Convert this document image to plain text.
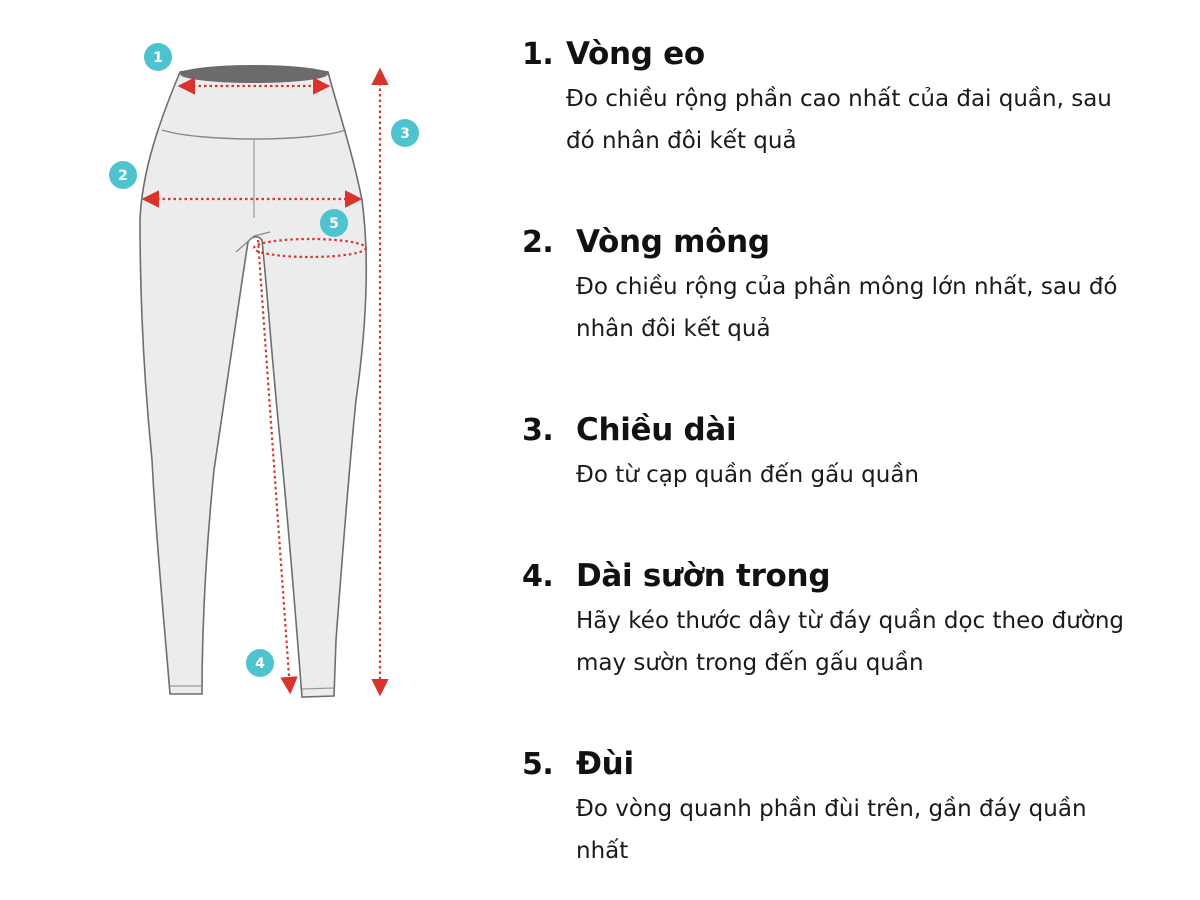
1
2
3
4
5
1. Vòng eo
Đo chiều rộng phần cao nhất của đai quần, sau đó nhân đôi kết quả
2. Vòng mông
Đo chiều rộng của phần mông lớn nhất, sau đó nhân đôi kết quả
3. Chiều dài
Đo từ cạp quần đến gấu quần
4. Dài sườn trong
Hãy kéo thước dây từ đáy quần dọc theo đường may sườn trong đến gấu quần
5. Đùi
Đo vòng quanh phần đùi trên, gần đáy quần nhất
